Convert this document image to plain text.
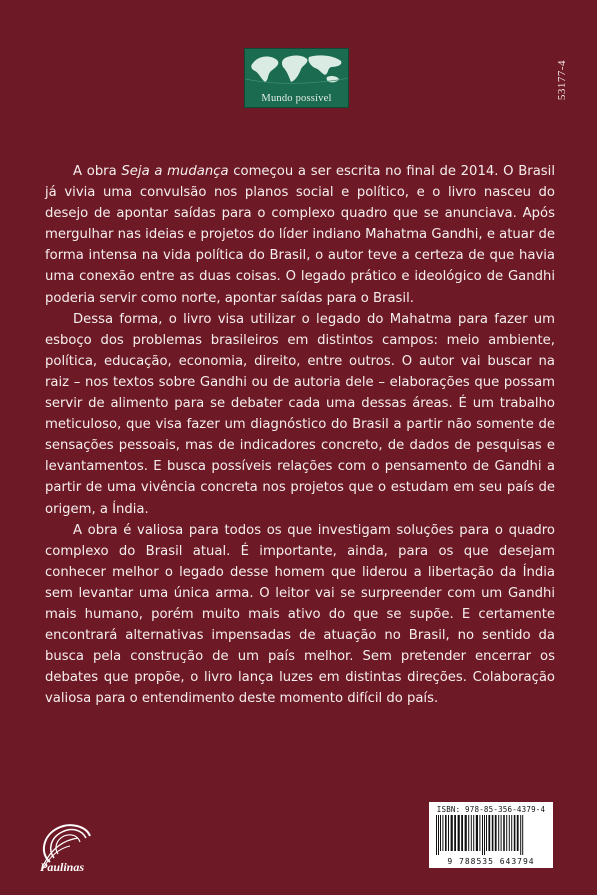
Mundo possível	53177-4

A obra Seja a mudança começou a ser escrita no final de 2014. O Brasil já vivia uma convulsão nos planos social e político, e o livro nasceu do desejo de apontar saídas para o complexo quadro que se anunciava. Após mergulhar nas ideias e projetos do líder indiano Mahatma Gandhi, e atuar de forma intensa na vida política do Brasil, o autor teve a certeza de que havia uma conexão entre as duas coisas. O legado prático e ideológico de Gandhi poderia servir como norte, apontar saídas para o Brasil.

Dessa forma, o livro visa utilizar o legado do Mahatma para fazer um esboço dos problemas brasileiros em distintos campos: meio ambiente, política, educação, economia, direito, entre outros. O autor vai buscar na raiz – nos textos sobre Gandhi ou de autoria dele – elaborações que possam servir de alimento para se debater cada uma dessas áreas. É um trabalho meticuloso, que visa fazer um diagnóstico do Brasil a partir não somente de sensações pessoais, mas de indicadores concreto, de dados de pesquisas e levantamentos. E busca possíveis relações com o pensamento de Gandhi a partir de uma vivência concreta nos projetos que o estudam em seu país de origem, a Índia.

A obra é valiosa para todos os que investigam soluções para o quadro complexo do Brasil atual. É importante, ainda, para os que desejam conhecer melhor o legado desse homem que liderou a libertação da Índia sem levantar uma única arma. O leitor vai se surpreender com um Gandhi mais humano, porém muito mais ativo do que se supõe. E certamente encontrará alternativas impensadas de atuação no Brasil, no sentido da busca pela construção de um país melhor. Sem pretender encerrar os debates que propõe, o livro lança luzes em distintas direções. Colaboração valiosa para o entendimento deste momento difícil do país.

Paulinas
ISBN: 978-85-356-4379-4
9 788535 643794
